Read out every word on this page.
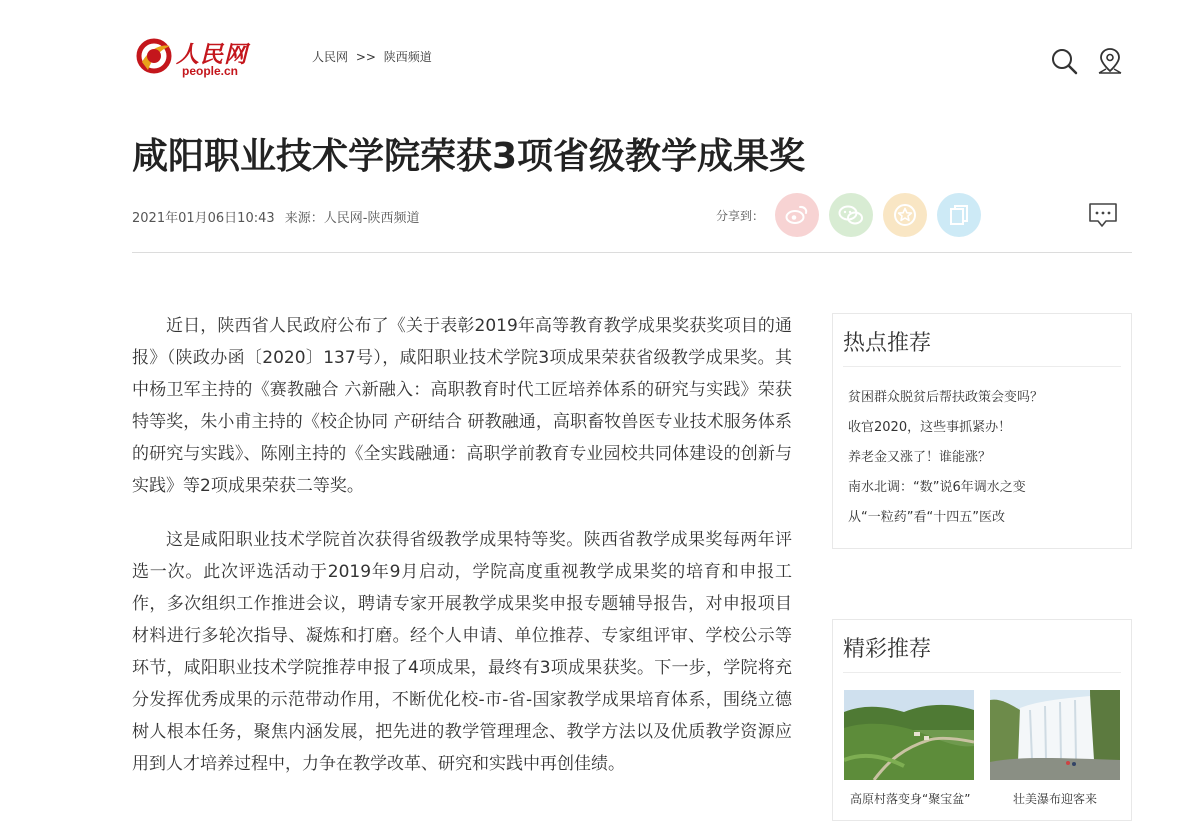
人民网
people.cn
人民网 >> 陕西频道
咸阳职业技术学院荣获3项省级教学成果奖
2021年01月06日10:43 来源：人民网-陕西频道	分享到：

近日，陕西省人民政府公布了《关于表彰2019年高等教育教学成果奖获奖项目的通报》（陕政办函〔2020〕137号），咸阳职业技术学院3项成果荣获省级教学成果奖。其中杨卫军主持的《赛教融合 六新融入：高职教育时代工匠培养体系的研究与实践》荣获特等奖，朱小甫主持的《校企协同 产研结合 研教融通，高职畜牧兽医专业技术服务体系的研究与实践》、陈刚主持的《全实践融通：高职学前教育专业园校共同体建设的创新与实践》等2项成果荣获二等奖。

这是咸阳职业技术学院首次获得省级教学成果特等奖。陕西省教学成果奖每两年评选一次。此次评选活动于2019年9月启动，学院高度重视教学成果奖的培育和申报工作，多次组织工作推进会议，聘请专家开展教学成果奖申报专题辅导报告，对申报项目材料进行多轮次指导、凝炼和打磨。经个人申请、单位推荐、专家组评审、学校公示等环节，咸阳职业技术学院推荐申报了4项成果，最终有3项成果获奖。下一步，学院将充分发挥优秀成果的示范带动作用，不断优化校-市-省-国家教学成果培育体系，围绕立德树人根本任务，聚焦内涵发展，把先进的教学管理理念、教学方法以及优质教学资源应用到人才培养过程中，力争在教学改革、研究和实践中再创佳绩。

热点推荐
贫困群众脱贫后帮扶政策会变吗？
收官2020，这些事抓紧办！
养老金又涨了！谁能涨？
南水北调：“数”说6年调水之变
从“一粒药”看“十四五”医改
精彩推荐
高原村落变身“聚宝盆”	壮美瀑布迎客来
